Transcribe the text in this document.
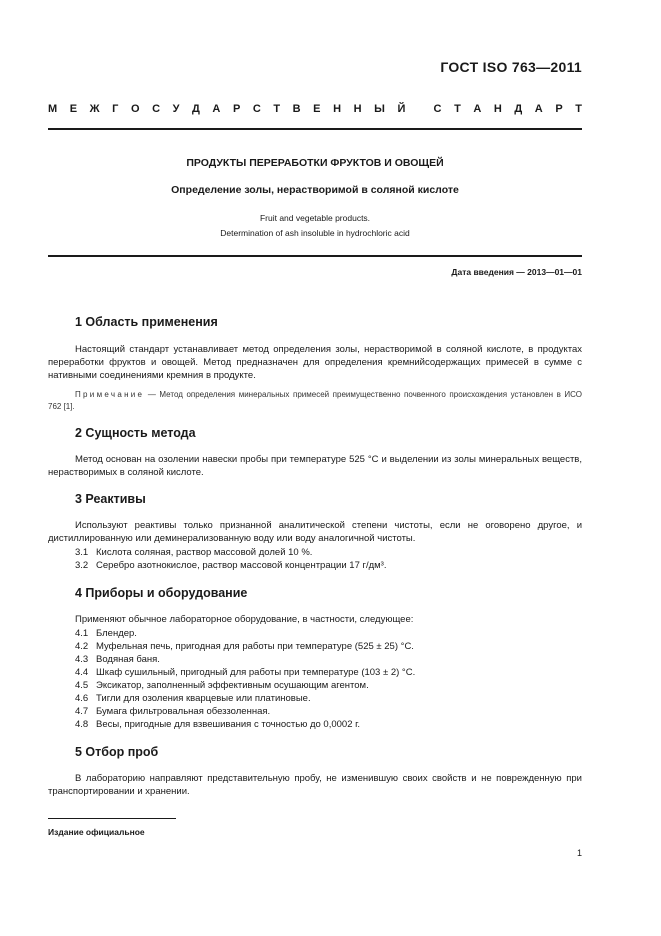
ГОСТ ISO 763—2011
М Е Ж Г О С У Д А Р С Т В Е Н Н Ы Й
	С Т А Н Д А Р Т
ПРОДУКТЫ ПЕРЕРАБОТКИ ФРУКТОВ И ОВОЩЕЙ
Определение золы, нерастворимой в соляной кислоте
Fruit and vegetable products.
Determination of ash insoluble in hydrochloric acid
Дата введения — 2013—01—01
1 Область применения
Настоящий стандарт устанавливает метод определения золы, нерастворимой в соляной кислоте, в продуктах переработки фруктов и овощей. Метод предназначен для определения кремнийсодержащих примесей в сумме с нативными соединениями кремния в продукте.
Примечание — Метод определения минеральных примесей преимущественно почвенного происхождения установлен в ИСО 762 [1].
2 Сущность метода
Метод основан на озолении навески пробы при температуре 525 °С и выделении из золы минеральных веществ, нерастворимых в соляной кислоте.
3 Реактивы
Используют реактивы только признанной аналитической степени чистоты, если не оговорено другое, и дистиллированную или деминерализованную воду или воду аналогичной чистоты.
3.1 Кислота соляная, раствор массовой долей 10 %.
3.2 Серебро азотнокислое, раствор массовой концентрации 17 г/дм³.
4 Приборы и оборудование
Применяют обычное лабораторное оборудование, в частности, следующее:
4.1 Блендер.
4.2 Муфельная печь, пригодная для работы при температуре (525 ± 25) °С.
4.3 Водяная баня.
4.4 Шкаф сушильный, пригодный для работы при температуре (103 ± 2) °С.
4.5 Эксикатор, заполненный эффективным осушающим агентом.
4.6 Тигли для озоления кварцевые или платиновые.
4.7 Бумага фильтровальная обеззоленная.
4.8 Весы, пригодные для взвешивания с точностью до 0,0002 г.
5 Отбор проб
В лабораторию направляют представительную пробу, не изменившую своих свойств и не поврежденную при транспортировании и хранении.
Издание официальное
1
